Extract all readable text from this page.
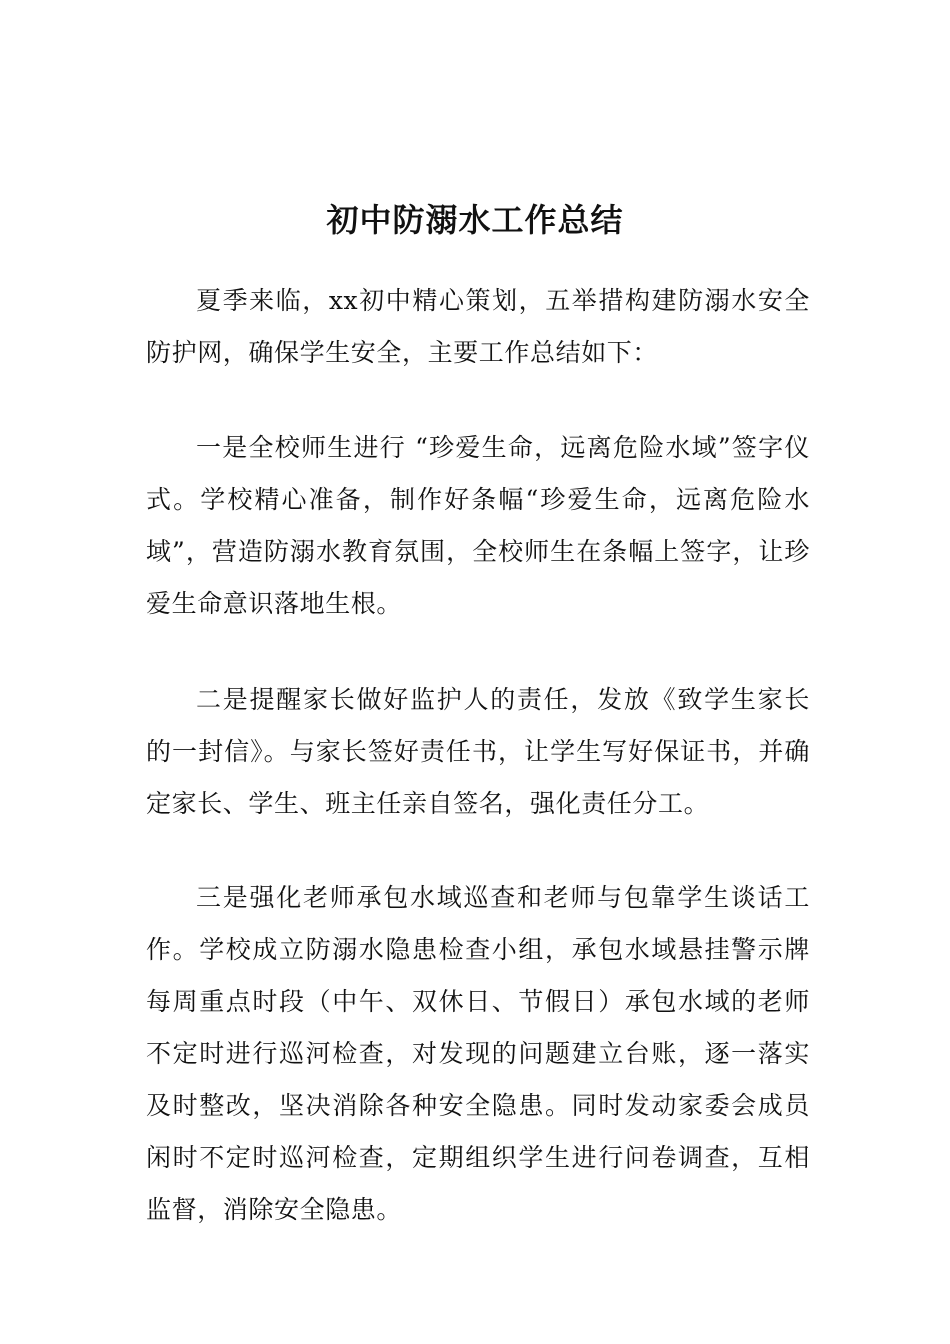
初中防溺水工作总结

夏季来临，xx初中精心策划，五举措构建防溺水安全防护网，确保学生安全，主要工作总结如下：

一是全校师生进行 “珍爱生命，远离危险水域”签字仪式。学校精心准备，制作好条幅“珍爱生命，远离危险水域”，营造防溺水教育氛围，全校师生在条幅上签字，让珍爱生命意识落地生根。

二是提醒家长做好监护人的责任，发放《致学生家长的一封信》。与家长签好责任书，让学生写好保证书，并确定家长、学生、班主任亲自签名，强化责任分工。

三是强化老师承包水域巡查和老师与包靠学生谈话工作。学校成立防溺水隐患检查小组，承包水域悬挂警示牌每周重点时段（中午、双休日、节假日）承包水域的老师不定时进行巡河检查，对发现的问题建立台账，逐一落实及时整改，坚决消除各种安全隐患。同时发动家委会成员闲时不定时巡河检查，定期组织学生进行问卷调查，互相监督，消除安全隐患。
